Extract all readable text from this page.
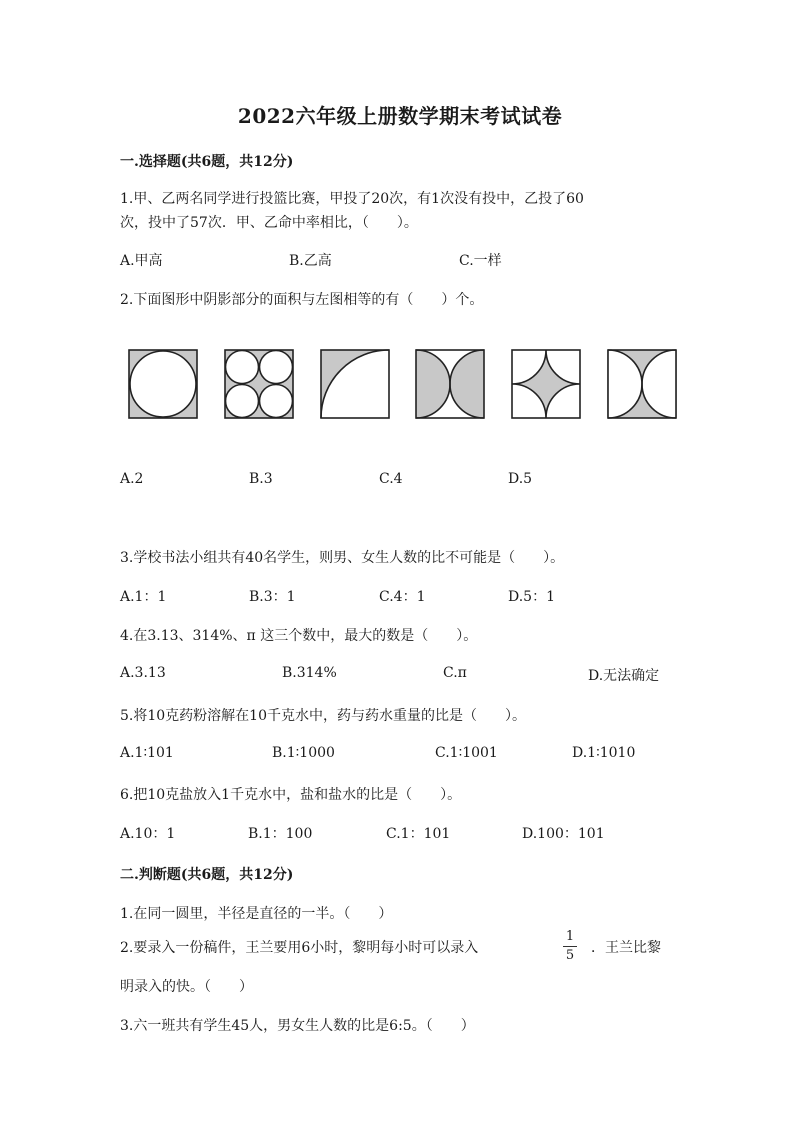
2022六年级上册数学期末考试试卷
一.选择题(共6题，共12分)
1.甲、乙两名同学进行投篮比赛，甲投了20次，有1次没有投中，乙投了60
次，投中了57次．甲、乙命中率相比，（　　）。
A.甲高	B.乙高	C.一样
2.下面图形中阴影部分的面积与左图相等的有（　　）个。
A.2	B.3	C.4	D.5
3.学校书法小组共有40名学生，则男、女生人数的比不可能是（　　）。
A.1：1	B.3：1	C.4：1	D.5：1
4.在3.13、314%、π 这三个数中，最大的数是（　　）。
A.3.13	B.314%	C.π	D.无法确定
5.将10克药粉溶解在10千克水中，药与药水重量的比是（　　）。
A.1∶101	B.1∶1000	C.1∶1001	D.1∶1010
6.把10克盐放入1千克水中，盐和盐水的比是（　　）。
A.10：1	B.1：100	C.1：101	D.100：101
二.判断题(共6题，共12分)
1.在同一圆里，半径是直径的一半。（　　）
2.要录入一份稿件，王兰要用6小时，黎明每小时可以录入
1
5 ．王兰比黎
明录入的快。（　　）
3.六一班共有学生45人，男女生人数的比是6:5。（　　）
